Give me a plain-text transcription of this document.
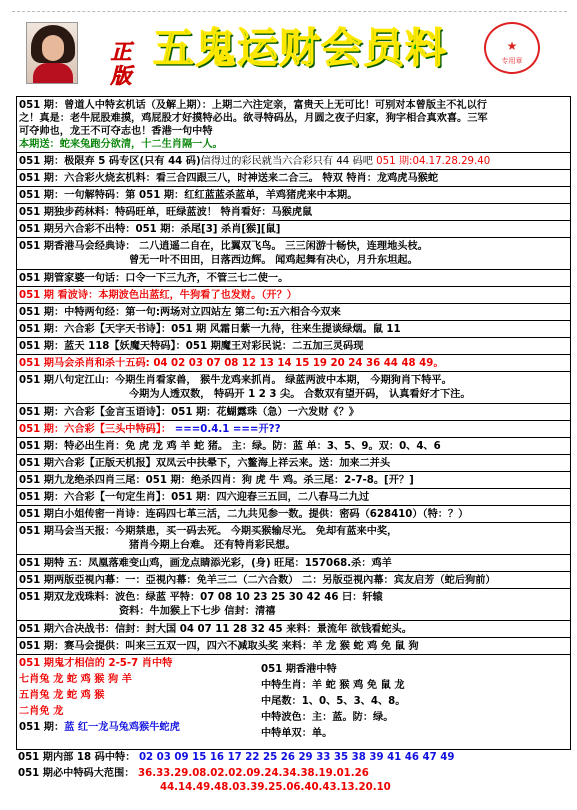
正版
五鬼运财会员料	★
专用章
051 期：曾道人中特玄机话（及解上期）：上期二六注定亲，富贵天上无可比！可别对本曾版主不礼以行
之！真是：老牛屁股难摸，鸡屁股才好摸特必出。欲寻特码丛，月圆之夜子归家，狗字相合真欢喜。三军
可夺帅也，龙王不可夺志也！香港一句中特
本期送：蛇来兔跑分欲清，十二生肖隔一人。
051 期：极限弃 5 码专区(只有 44 码)信得过的彩民就当六合彩只有 44 码吧 051 期:04.17.28.29.40
051 期：六合彩火烧玄机料：看三合四跟三八，时神送来二合三。 特双 特肖：龙鸡虎马猴蛇
051 期：一句解特码：第 051 期：红红蓝蓝杀蓝单，羊鸡猪虎来中本期。
051 期独步药林料：特码旺单，旺绿蓝波！ 特肖看好：马猴虎鼠
051 期另六合彩不出特：051 期：杀尾[3] 杀肖[猴][鼠]
051 期香港马会经典诗： 二八逍遥二自在，比翼双飞鸟。 三三闲游十畅快，连理地头枝。
曾无一叶不田田，日落西边辉。 闻鸡起舞有决心，月升东坦起。
051 期管家婆一句话：口令一下三九齐，不管三七二使一。
051 期 看波诗：本期波色出蓝红，牛狗看了也发财。（开？）
051 期：中特两句经：第一句:两场对立四站左 第二句:五六相合今双来
051 期：六合彩【天字天书诗】：051 期 风霜日紫一九待，往来生提谈绿烟。鼠 11
051 期：蓝天 118【妖魔天特码】：051 期魔王对彩民说：二五加三灵码现
051 期马会杀肖和杀十五码: 04 02 03 07 08 12 13 14 15 19 20 24 36 44 48 49。
051 期八句定江山：今期生肖看家兽， 猴牛龙鸡来抓肖。 绿蓝两波中本期， 今期狗肖下特平。
今期为人透双数， 特码开 1 2 3 尖。 合数双有望开码， 认真看好才下注。
051 期：六合彩【金言玉语诗】：051 期：花蝴露珠（急）一六发财《？》
051 期：六合彩【三头中特码】： ===0.4.1 ===开??
051 期：特必出生肖：免 虎 龙 鸡 羊 蛇 猪。 主：绿。防：蓝 单：3、5、9。双：0、4、6
051 期六合彩【正版天机报】双凤云中扶晕下，六鳌海上祥云来。送：加来二并头
051 期九龙绝杀四肖三尾：051 期：绝杀四肖：狗 虎 牛 鸡。杀三尾：2-7-8。[开？]
051 期：六合彩【一句定生肖】：051 期：四六迎春三五回，二八春马二九过
051 期白小姐传密一肖诗：连码四七革三活，二九共见参一数。提供：密码（628410）（特：？）
051 期马会当天报：今期禁患，买一码去死。 今期买猴输尽光。 免却有蓝来中奖，
猪肖今期上台难。 还有特肖彩民想。
051 期特 五：凤凰落难变山鸡，画龙点睛添光彩，(身) 旺尾：157068.杀：鸡羊
051 期两版亞視內幕：一：亞視內幕：免羊三二（二六合数） 二：另版亞視內幕：宾友启芳（蛇后狗前）
051 期双龙戏珠料：波色：绿蓝 平特：07 08 10 23 25 30 42 46 曰：轩辕
资料：牛加猴上下七步 信封：清禧
051 期六合决战书：信封：封大国 04 07 11 28 32 45 来料：景流年 欲钱看蛇头。
051 期：赛马会提供：叫来三五双一四，四六不减取头奖 来料：羊 龙 猴 蛇 鸡 免 鼠 狗
051 期鬼才相信的 2-5-7 肖中特
七肖兔 龙 蛇 鸡 猴 狗 羊
五肖兔 龙 蛇 鸡 猴
二肖免 龙
051 期：蓝 红一龙马兔鸡猴牛蛇虎
051 期香港中特
中特生肖：羊 蛇 猴 鸡 免 鼠 龙
中尾数：1、0、5、3、4、8。
中特波色：主：蓝。防：绿。
中特单双：单。
051 期内部 18 码中特： 02 03 09 15 16 17 22 25 26 29 33 35 38 39 41 46 47 49
051 期必中特码大范围： 36.33.29.08.02.02.09.24.34.38.19.01.26
44.14.49.48.03.39.25.06.40.43.13.20.10
